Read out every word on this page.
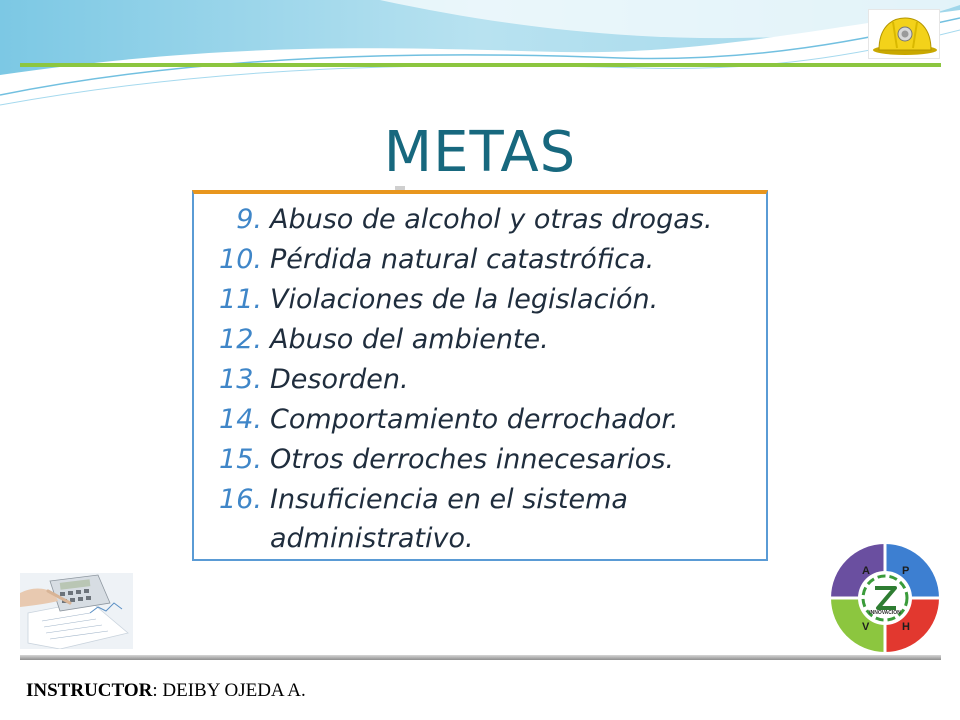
METAS
9. Abuso de alcohol y otras drogas.
10. Pérdida natural catastrófica.
11. Violaciones de la legislación.
12. Abuso del ambiente.
13. Desorden.
14. Comportamiento derrochador.
15. Otros derroches innecesarios.
16. Insuficiencia en el sistema
administrativo.
A	P
V	H
INNOVACION
INSTRUCTOR: DEIBY OJEDA A.
